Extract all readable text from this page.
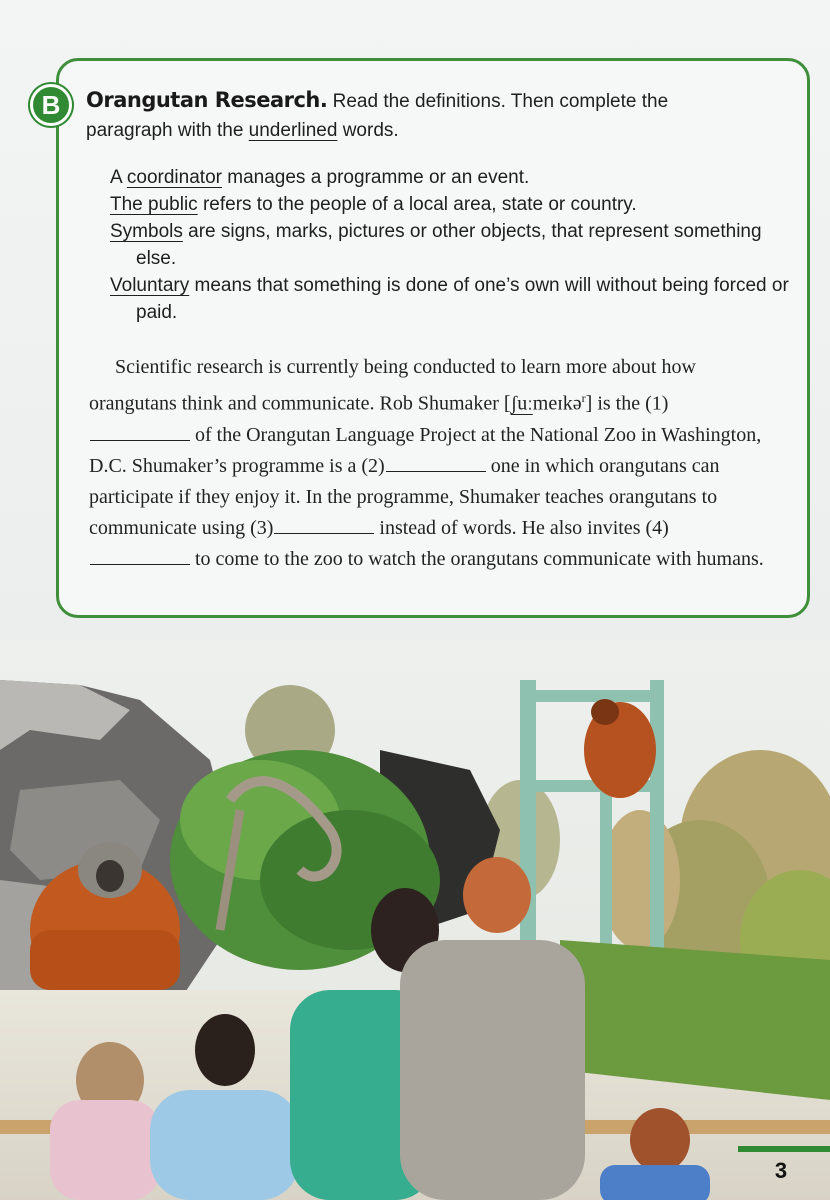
B	Orangutan Research. Read the definitions. Then complete the
paragraph with the underlined words.
A coordinator manages a programme or an event.
The public refers to the people of a local area, state or country.
Symbols are signs, marks, pictures or other objects, that represent something else.
Voluntary means that something is done of one’s own will without being forced or paid.
Scientific research is currently being conducted to learn more about how orangutans think and communicate. Rob Shumaker [ʃuːmeɪkə$^r$] is the (1) of the Orangutan Language Project at the National Zoo in Washington, D.C. Shumaker’s programme is a (2)	one in which orangutans can participate if they enjoy it. In the programme, Shumaker teaches orangutans to communicate using (3)	instead of words. He also invites (4) to come to the zoo to watch the orangutans communicate with humans.
3
